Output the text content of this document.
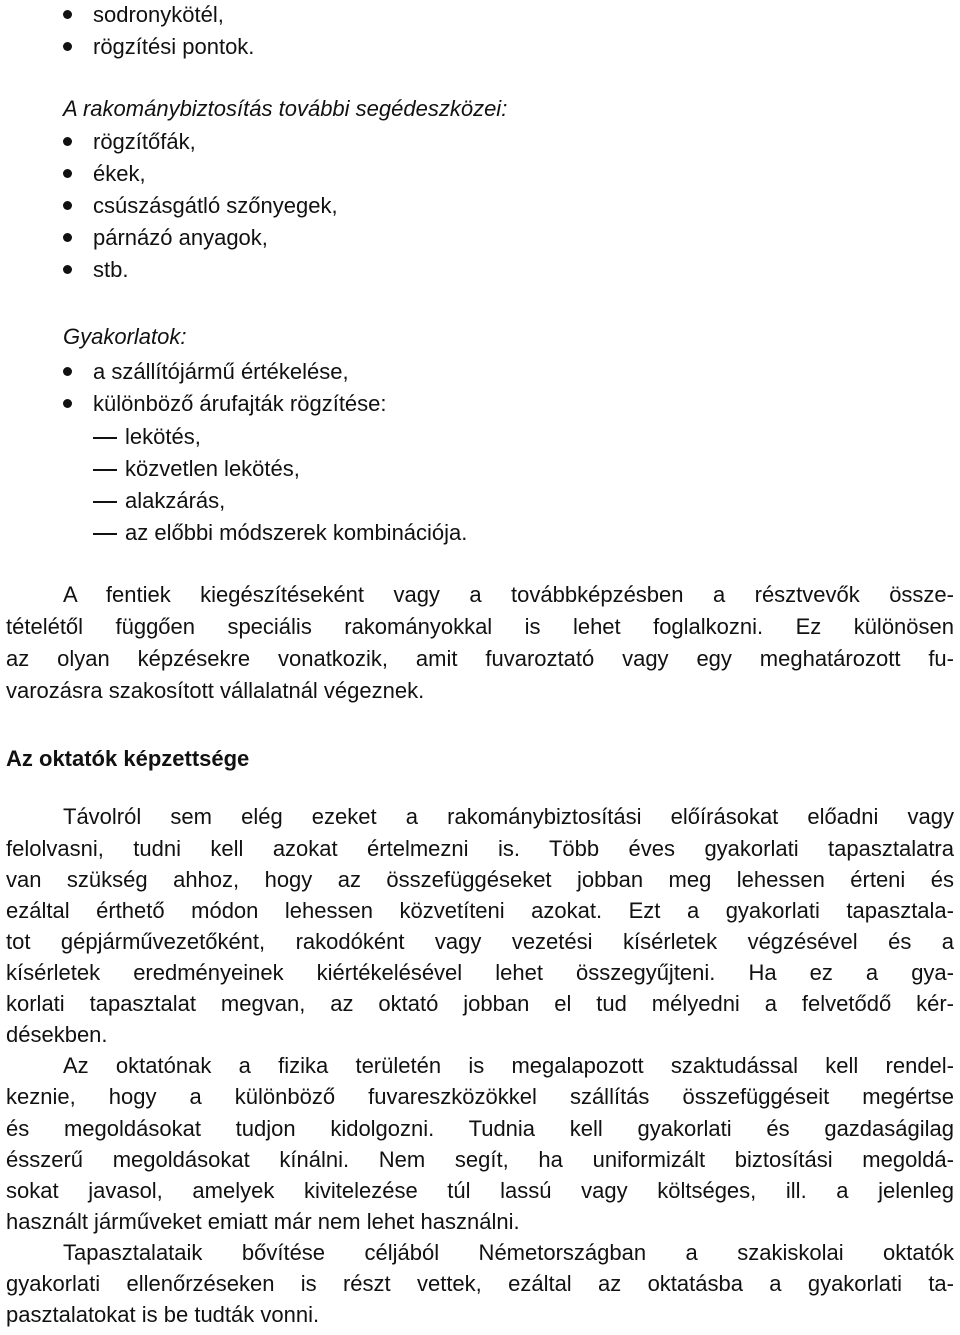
sodronykötél,
rögzítési pontok.
A rakománybiztosítás további segédeszközei:
rögzítőfák,
ékek,
csúszásgátló szőnyegek,
párnázó anyagok,
stb.
Gyakorlatok:
a szállítójármű értékelése,
különböző árufajták rögzítése:
lekötés,
közvetlen lekötés,
alakzárás,
az előbbi módszerek kombinációja.
A fentiek kiegészítéseként vagy a továbbképzésben a résztvevők össze-
tételétől függően speciális rakományokkal is lehet foglalkozni. Ez különösen
az olyan képzésekre vonatkozik, amit fuvaroztató vagy egy meghatározott fu-
varozásra szakosított vállalatnál végeznek.
Az oktatók képzettsége
Távolról sem elég ezeket a rakománybiztosítási előírásokat előadni vagy
felolvasni, tudni kell azokat értelmezni is. Több éves gyakorlati tapasztalatra
van szükség ahhoz, hogy az összefüggéseket jobban meg lehessen érteni és
ezáltal érthető módon lehessen közvetíteni azokat. Ezt a gyakorlati tapasztala-
tot gépjárművezetőként, rakodóként vagy vezetési kísérletek végzésével és a
kísérletek eredményeinek kiértékelésével lehet összegyűjteni. Ha ez a gya-
korlati tapasztalat megvan, az oktató jobban el tud mélyedni a felvetődő kér-
désekben.
Az oktatónak a fizika területén is megalapozott szaktudással kell rendel-
keznie, hogy a különböző fuvareszközökkel szállítás összefüggéseit megértse
és megoldásokat tudjon kidolgozni. Tudnia kell gyakorlati és gazdaságilag
ésszerű megoldásokat kínálni. Nem segít, ha uniformizált biztosítási megoldá-
sokat javasol, amelyek kivitelezése túl lassú vagy költséges, ill. a jelenleg
használt járműveket emiatt már nem lehet használni.
Tapasztalataik bővítése céljából Németországban a szakiskolai oktatók
gyakorlati ellenőrzéseken is részt vettek, ezáltal az oktatásba a gyakorlati ta-
pasztalatokat is be tudták vonni.
